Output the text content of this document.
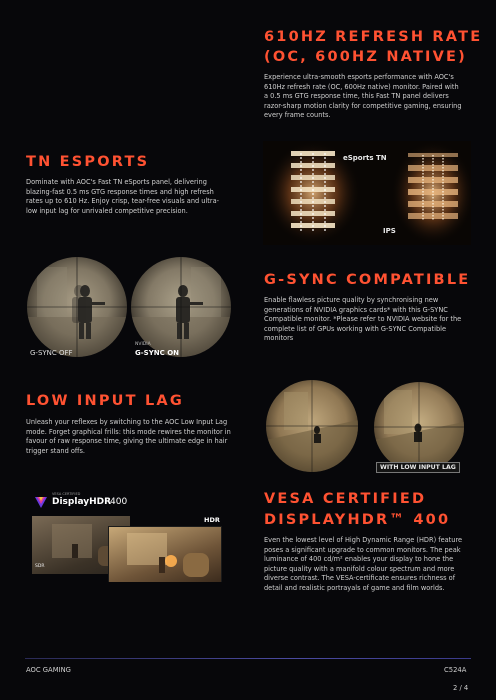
610HZ REFRESH RATE
(OC, 600HZ NATIVE)
Experience ultra-smooth esports performance with AOC's 610Hz refresh rate (OC, 600Hz native) monitor. Paired with a 0.5 ms GTG response time, this Fast TN panel delivers razor-sharp motion clarity for competitive gaming, ensuring every frame counts.
eSports TN
IPS
TN ESPORTS
Dominate with AOC's Fast TN eSports panel, delivering blazing-fast 0.5 ms GTG response times and high refresh rates up to 610 Hz. Enjoy crisp, tear-free visuals and ultra-low input lag for unrivaled competitive precision.
G-SYNC OFF
NVIDIA
G-SYNC ON
G-SYNC COMPATIBLE
Enable flawless picture quality by synchronising new generations of NVIDIA graphics cards* with this G-SYNC Compatible monitor. *Please refer to NVIDIA website for the complete list of GPUs working with G-SYNC Compatible monitors
LOW INPUT LAG
Unleash your reflexes by switching to the AOC Low Input Lag mode. Forget graphical frills: this mode rewires the monitor in favour of raw response time, giving the ultimate edge in hair trigger stand offs.
WITH LOW INPUT LAG
VESA CERTIFIED
DisplayHDR
400
SDR
HDR
VESA CERTIFIED
DISPLAYHDR™ 400
Even the lowest level of High Dynamic Range (HDR) feature poses a significant upgrade to common monitors. The peak luminance of 400 cd/m² enables your display to hone the picture quality with a manifold colour spectrum and more diverse contrast. The VESA-certificate ensures richness of detail and realistic portrayals of game and film worlds.
AOC GAMING	C524A
2 / 4
